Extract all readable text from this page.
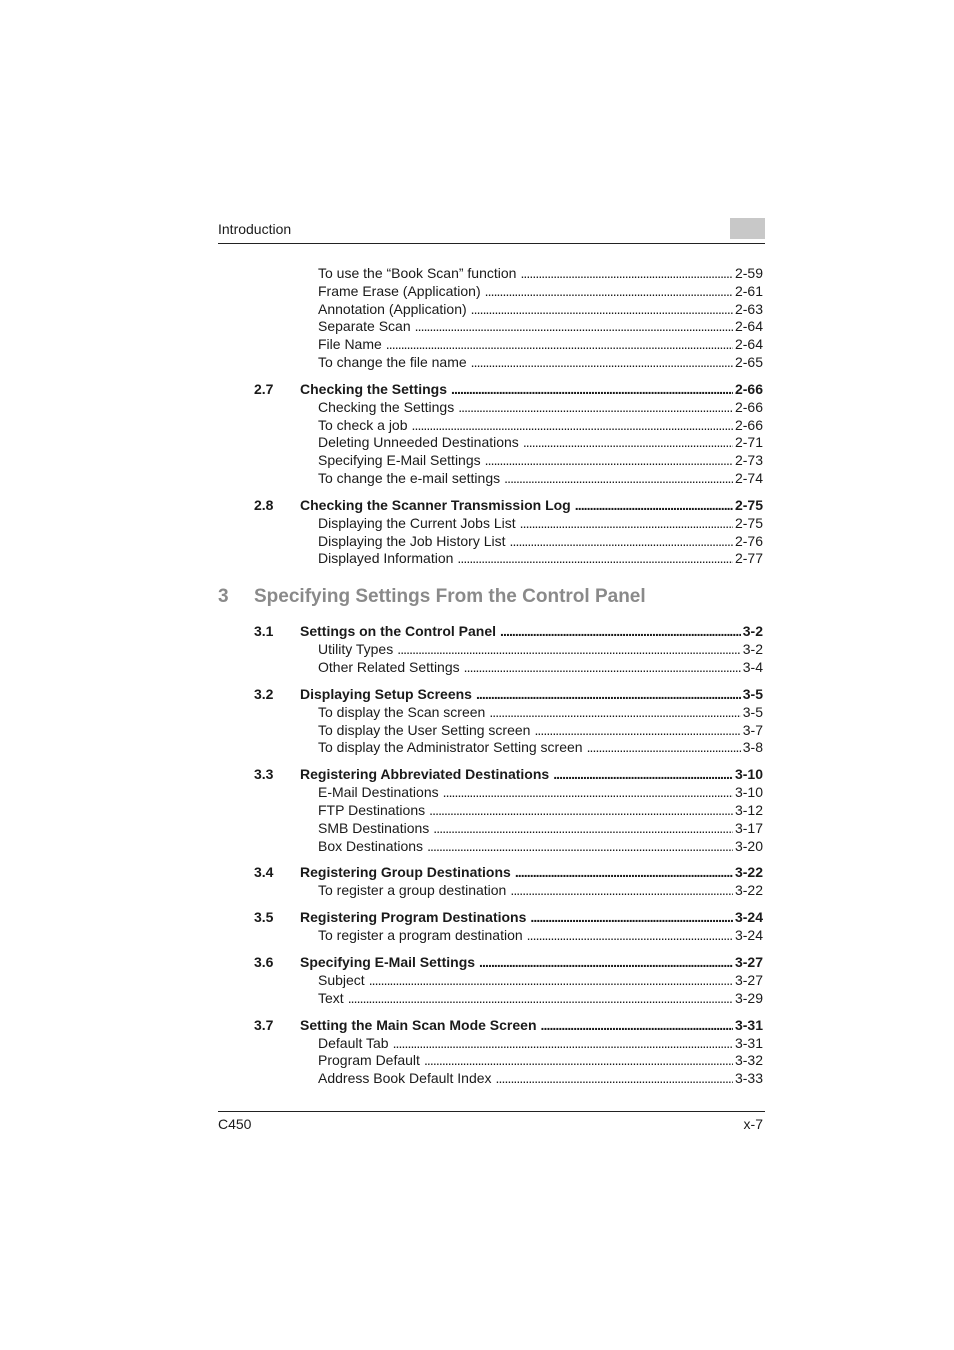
Introduction
To use the “Book Scan” function . . .	2-59
Frame Erase (Application) . . .	2-61
Annotation (Application) . . .	2-63
Separate Scan . . .	2-64
File Name . . .	2-64
To change the file name . . .	2-65
2.7 Checking the Settings . . .	2-66
Checking the Settings . . .	2-66
To check a job . . .	2-66
Deleting Unneeded Destinations . . .	2-71
Specifying E-Mail Settings . . .	2-73
To change the e-mail settings . . .	2-74
2.8 Checking the Scanner Transmission Log . . .	2-75
Displaying the Current Jobs List . . .	2-75
Displaying the Job History List . . .	2-76
Displayed Information . . .	2-77
3 Specifying Settings From the Control Panel
3.1 Settings on the Control Panel . . .	3-2
Utility Types . . .	3-2
Other Related Settings . . .	3-4
3.2 Displaying Setup Screens . . .	3-5
To display the Scan screen . . .	3-5
To display the User Setting screen . . .	3-7
To display the Administrator Setting screen . . .	3-8
3.3 Registering Abbreviated Destinations . . .	3-10
E-Mail Destinations . . .	3-10
FTP Destinations . . .	3-12
SMB Destinations . . .	3-17
Box Destinations . . .	3-20
3.4 Registering Group Destinations . . .	3-22
To register a group destination . . .	3-22
3.5 Registering Program Destinations . . .	3-24
To register a program destination . . .	3-24
3.6 Specifying E-Mail Settings . . .	3-27
Subject . . .	3-27
Text . . .	3-29
3.7 Setting the Main Scan Mode Screen . . .	3-31
Default Tab . . .	3-31
Program Default . . .	3-32
Address Book Default Index . . .	3-33
C450	x-7
